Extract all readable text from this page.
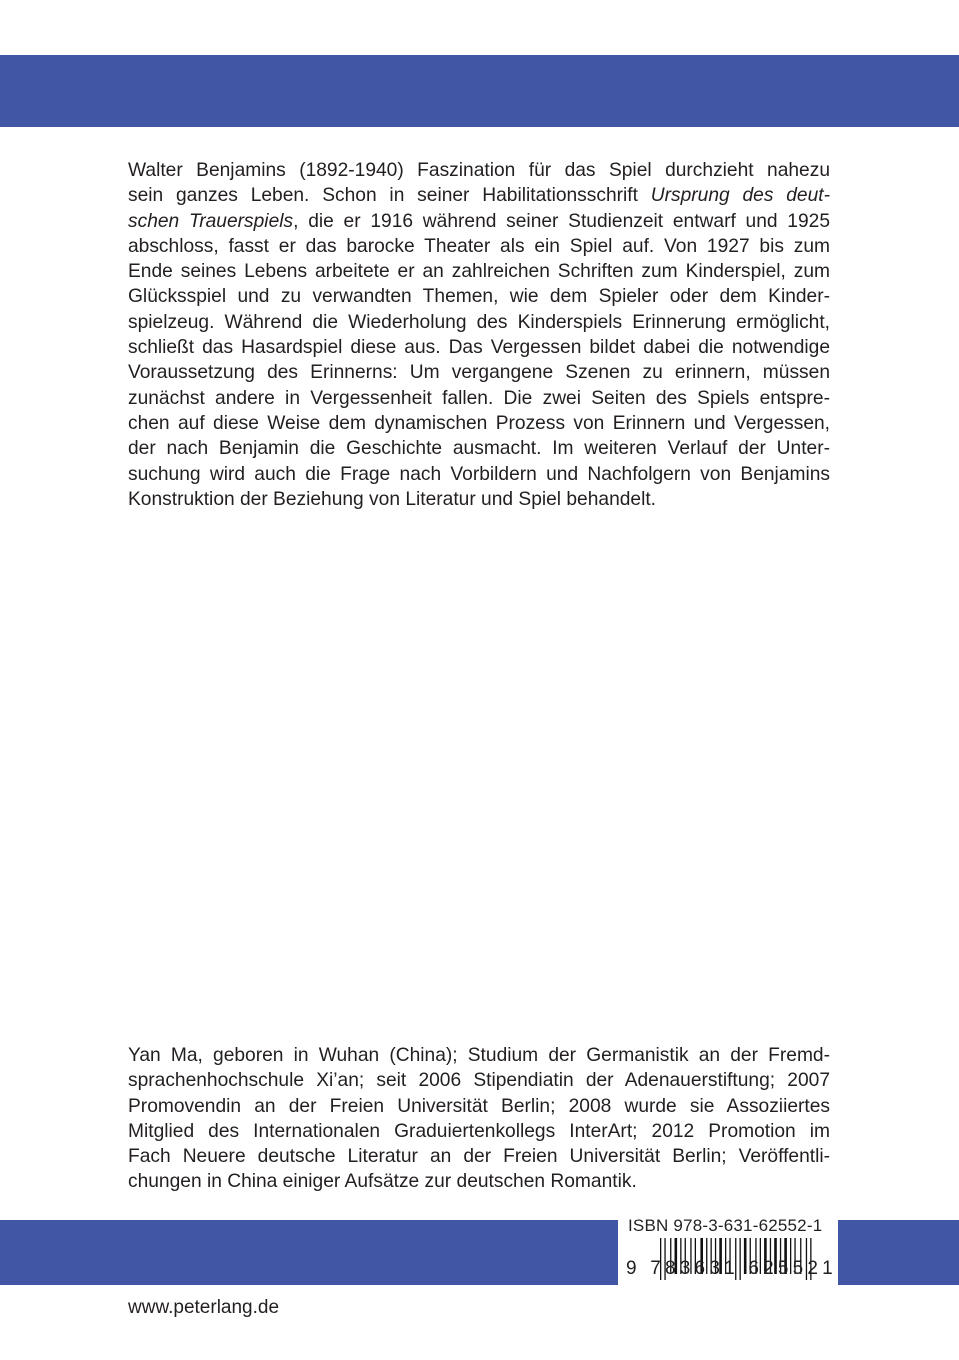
Walter Benjamins (1892-1940) Faszination für das Spiel durchzieht nahezu
sein ganzes Leben. Schon in seiner Habilitationsschrift Ursprung des deut-
schen Trauerspiels, die er 1916 während seiner Studienzeit entwarf und 1925
abschloss, fasst er das barocke Theater als ein Spiel auf. Von 1927 bis zum
Ende seines Lebens arbeitete er an zahlreichen Schriften zum Kinderspiel, zum
Glücksspiel und zu verwandten Themen, wie dem Spieler oder dem Kinder-
spielzeug. Während die Wiederholung des Kinderspiels Erinnerung ermöglicht,
schließt das Hasardspiel diese aus. Das Vergessen bildet dabei die notwendige
Voraussetzung des Erinnerns: Um vergangene Szenen zu erinnern, müssen
zunächst andere in Vergessenheit fallen. Die zwei Seiten des Spiels entspre-
chen auf diese Weise dem dynamischen Prozess von Erinnern und Vergessen,
der nach Benjamin die Geschichte ausmacht. Im weiteren Verlauf der Unter-
suchung wird auch die Frage nach Vorbildern und Nachfolgern von Benjamins
Konstruktion der Beziehung von Literatur und Spiel behandelt.
Yan Ma, geboren in Wuhan (China); Studium der Germanistik an der Fremd-
sprachenhochschule Xi’an; seit 2006 Stipendiatin der Adenauerstiftung; 2007
Promovendin an der Freien Universität Berlin; 2008 wurde sie Assoziiertes
Mitglied des Internationalen Graduiertenkollegs InterArt; 2012 Promotion im
Fach Neuere deutsche Literatur an der Freien Universität Berlin; Veröffentli-
chungen in China einiger Aufsätze zur deutschen Romantik.
ISBN 978-3-631-62552-1
9 783631 625521
www.peterlang.de
